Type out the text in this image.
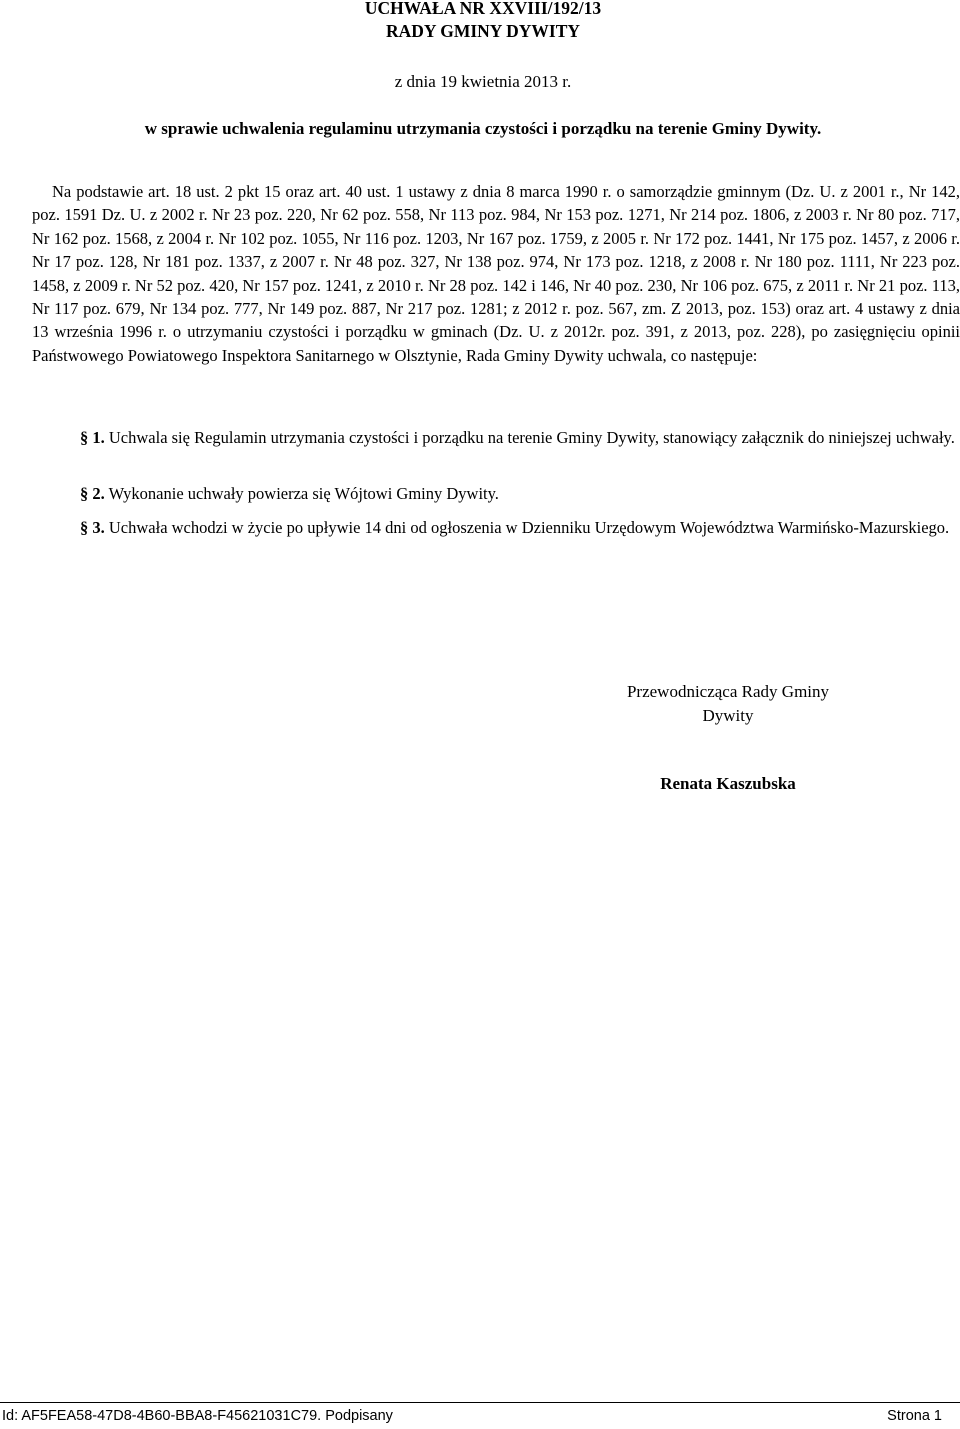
UCHWAŁA NR XXVIII/192/13
RADY GMINY DYWITY
z dnia 19 kwietnia 2013 r.
w sprawie uchwalenia regulaminu utrzymania czystości i porządku na terenie Gminy Dywity.
Na podstawie art. 18 ust. 2 pkt 15 oraz art. 40 ust. 1 ustawy z dnia 8 marca 1990 r. o samorządzie gminnym (Dz. U. z 2001 r., Nr 142, poz. 1591 Dz. U. z 2002 r. Nr 23 poz. 220, Nr 62 poz. 558, Nr 113 poz. 984, Nr 153 poz. 1271, Nr 214 poz. 1806, z 2003 r. Nr 80 poz. 717, Nr 162 poz. 1568, z 2004 r. Nr 102 poz. 1055, Nr 116 poz. 1203, Nr 167 poz. 1759, z 2005 r. Nr 172 poz. 1441, Nr 175 poz. 1457, z 2006 r. Nr 17 poz. 128, Nr 181 poz. 1337, z 2007 r. Nr 48 poz. 327, Nr 138 poz. 974, Nr 173 poz. 1218, z 2008 r. Nr 180 poz. 1111, Nr 223 poz. 1458, z 2009 r. Nr 52 poz. 420, Nr 157 poz. 1241, z 2010 r. Nr 28 poz. 142 i 146, Nr 40 poz. 230, Nr 106 poz. 675, z 2011 r. Nr 21 poz. 113, Nr 117 poz. 679, Nr 134 poz. 777, Nr 149 poz. 887, Nr 217 poz. 1281; z 2012 r. poz. 567, zm. Z 2013, poz. 153) oraz art. 4 ustawy z dnia 13 września 1996 r. o utrzymaniu czystości i porządku w gminach (Dz. U. z 2012r. poz. 391, z 2013, poz. 228), po zasięgnięciu opinii Państwowego Powiatowego Inspektora Sanitarnego w Olsztynie, Rada Gminy Dywity uchwala, co następuje:
§ 1. Uchwala się Regulamin utrzymania czystości i porządku na terenie Gminy Dywity, stanowiący załącznik do niniejszej uchwały.
§ 2. Wykonanie uchwały powierza się Wójtowi Gminy Dywity.
§ 3. Uchwała wchodzi w życie po upływie 14 dni od ogłoszenia w Dzienniku Urzędowym Województwa Warmińsko-Mazurskiego.
Przewodnicząca Rady Gminy
Dywity
Renata Kaszubska
Id: AF5FEA58-47D8-4B60-BBA8-F45621031C79. Podpisany	Strona 1
